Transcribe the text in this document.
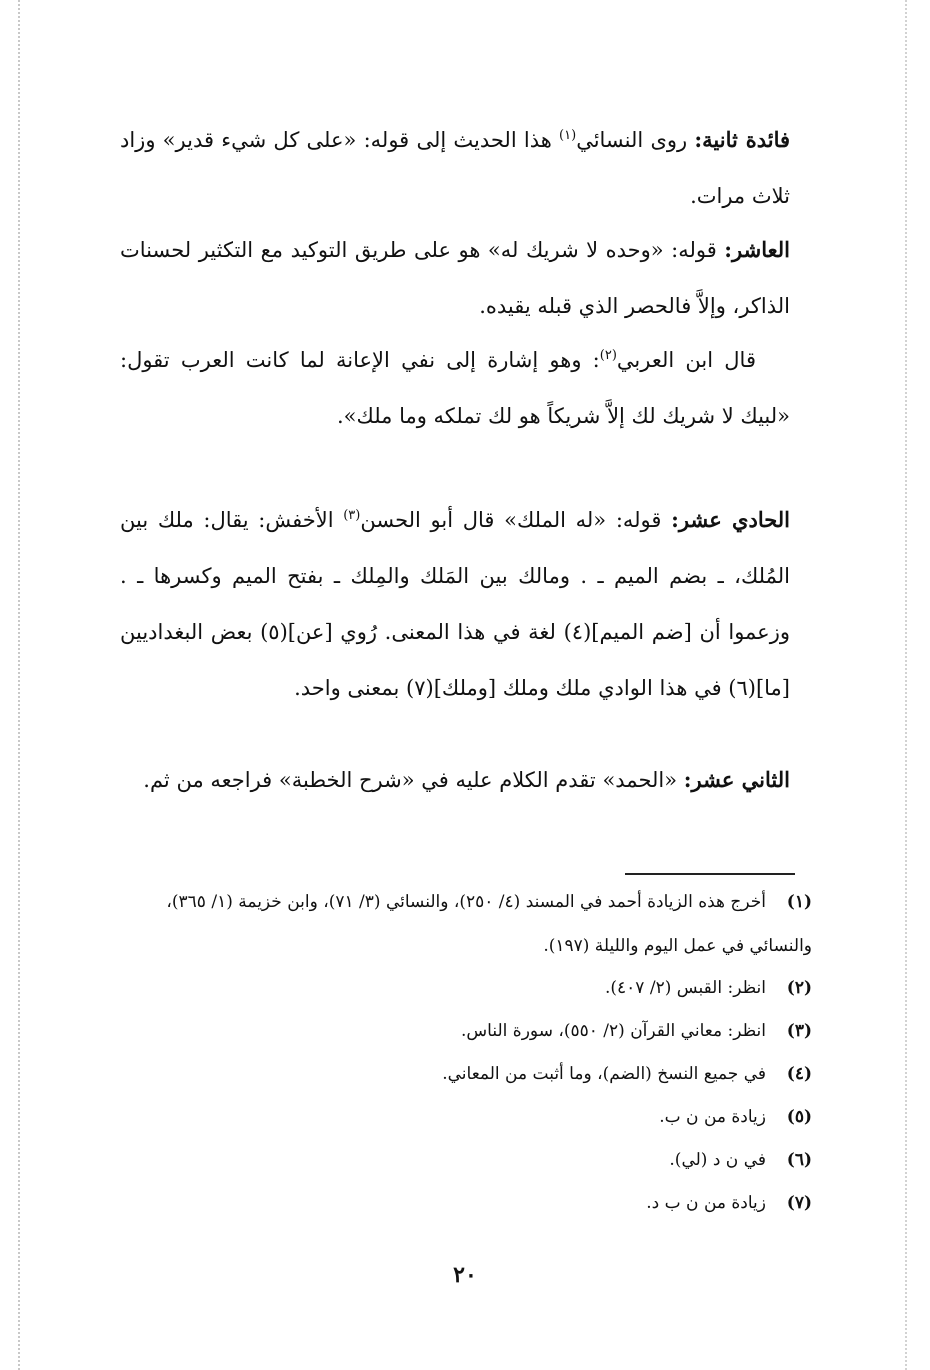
فائدة ثانية: روى النسائي$^{(١)}$ هذا الحديث إلى قوله: «على كل شيء قدير» وزاد ثلاث مرات.

العاشر: قوله: «وحده لا شريك له» هو على طريق التوكيد مع التكثير لحسنات الذاكر، وإلاَّ فالحصر الذي قبله يقيده.

قال ابن العربي$^{(٢)}$: وهو إشارة إلى نفي الإعانة لما كانت العرب تقول: «لبيك لا شريك لك إلاَّ شريكاً هو لك تملكه وما ملك».

الحادي عشر: قوله: «له الملك» قال أبو الحسن$^{(٣)}$ الأخفش: يقال: ملك بين المُلك، ـ بضم الميم ـ . ومالك بين المَلك والمِلك ـ بفتح الميم وكسرها ـ . وزعموا أن [ضم الميم](٤) لغة في هذا المعنى. رُوي [عن](٥) بعض البغداديين [ما](٦) في هذا الوادي ملك وملك [وملك](٧) بمعنى واحد.

الثاني عشر: «الحمد» تقدم الكلام عليه في «شرح الخطبة» فراجعه من ثم.

(١)أخرج هذه الزيادة أحمد في المسند (٤/ ٢٥٠)، والنسائي (٣/ ٧١)، وابن خزيمة (١/ ٣٦٥)، والنسائي في عمل اليوم والليلة (١٩٧).
(٢)انظر: القبس (٢/ ٤٠٧).
(٣)انظر: معاني القرآن (٢/ ٥٥٠)، سورة الناس.
(٤)في جميع النسخ (الضم)، وما أثبت من المعاني.
(٥)زيادة من ن ب.
(٦)في ن د (لي).
(٧)زيادة من ن ب د.
٢٠
